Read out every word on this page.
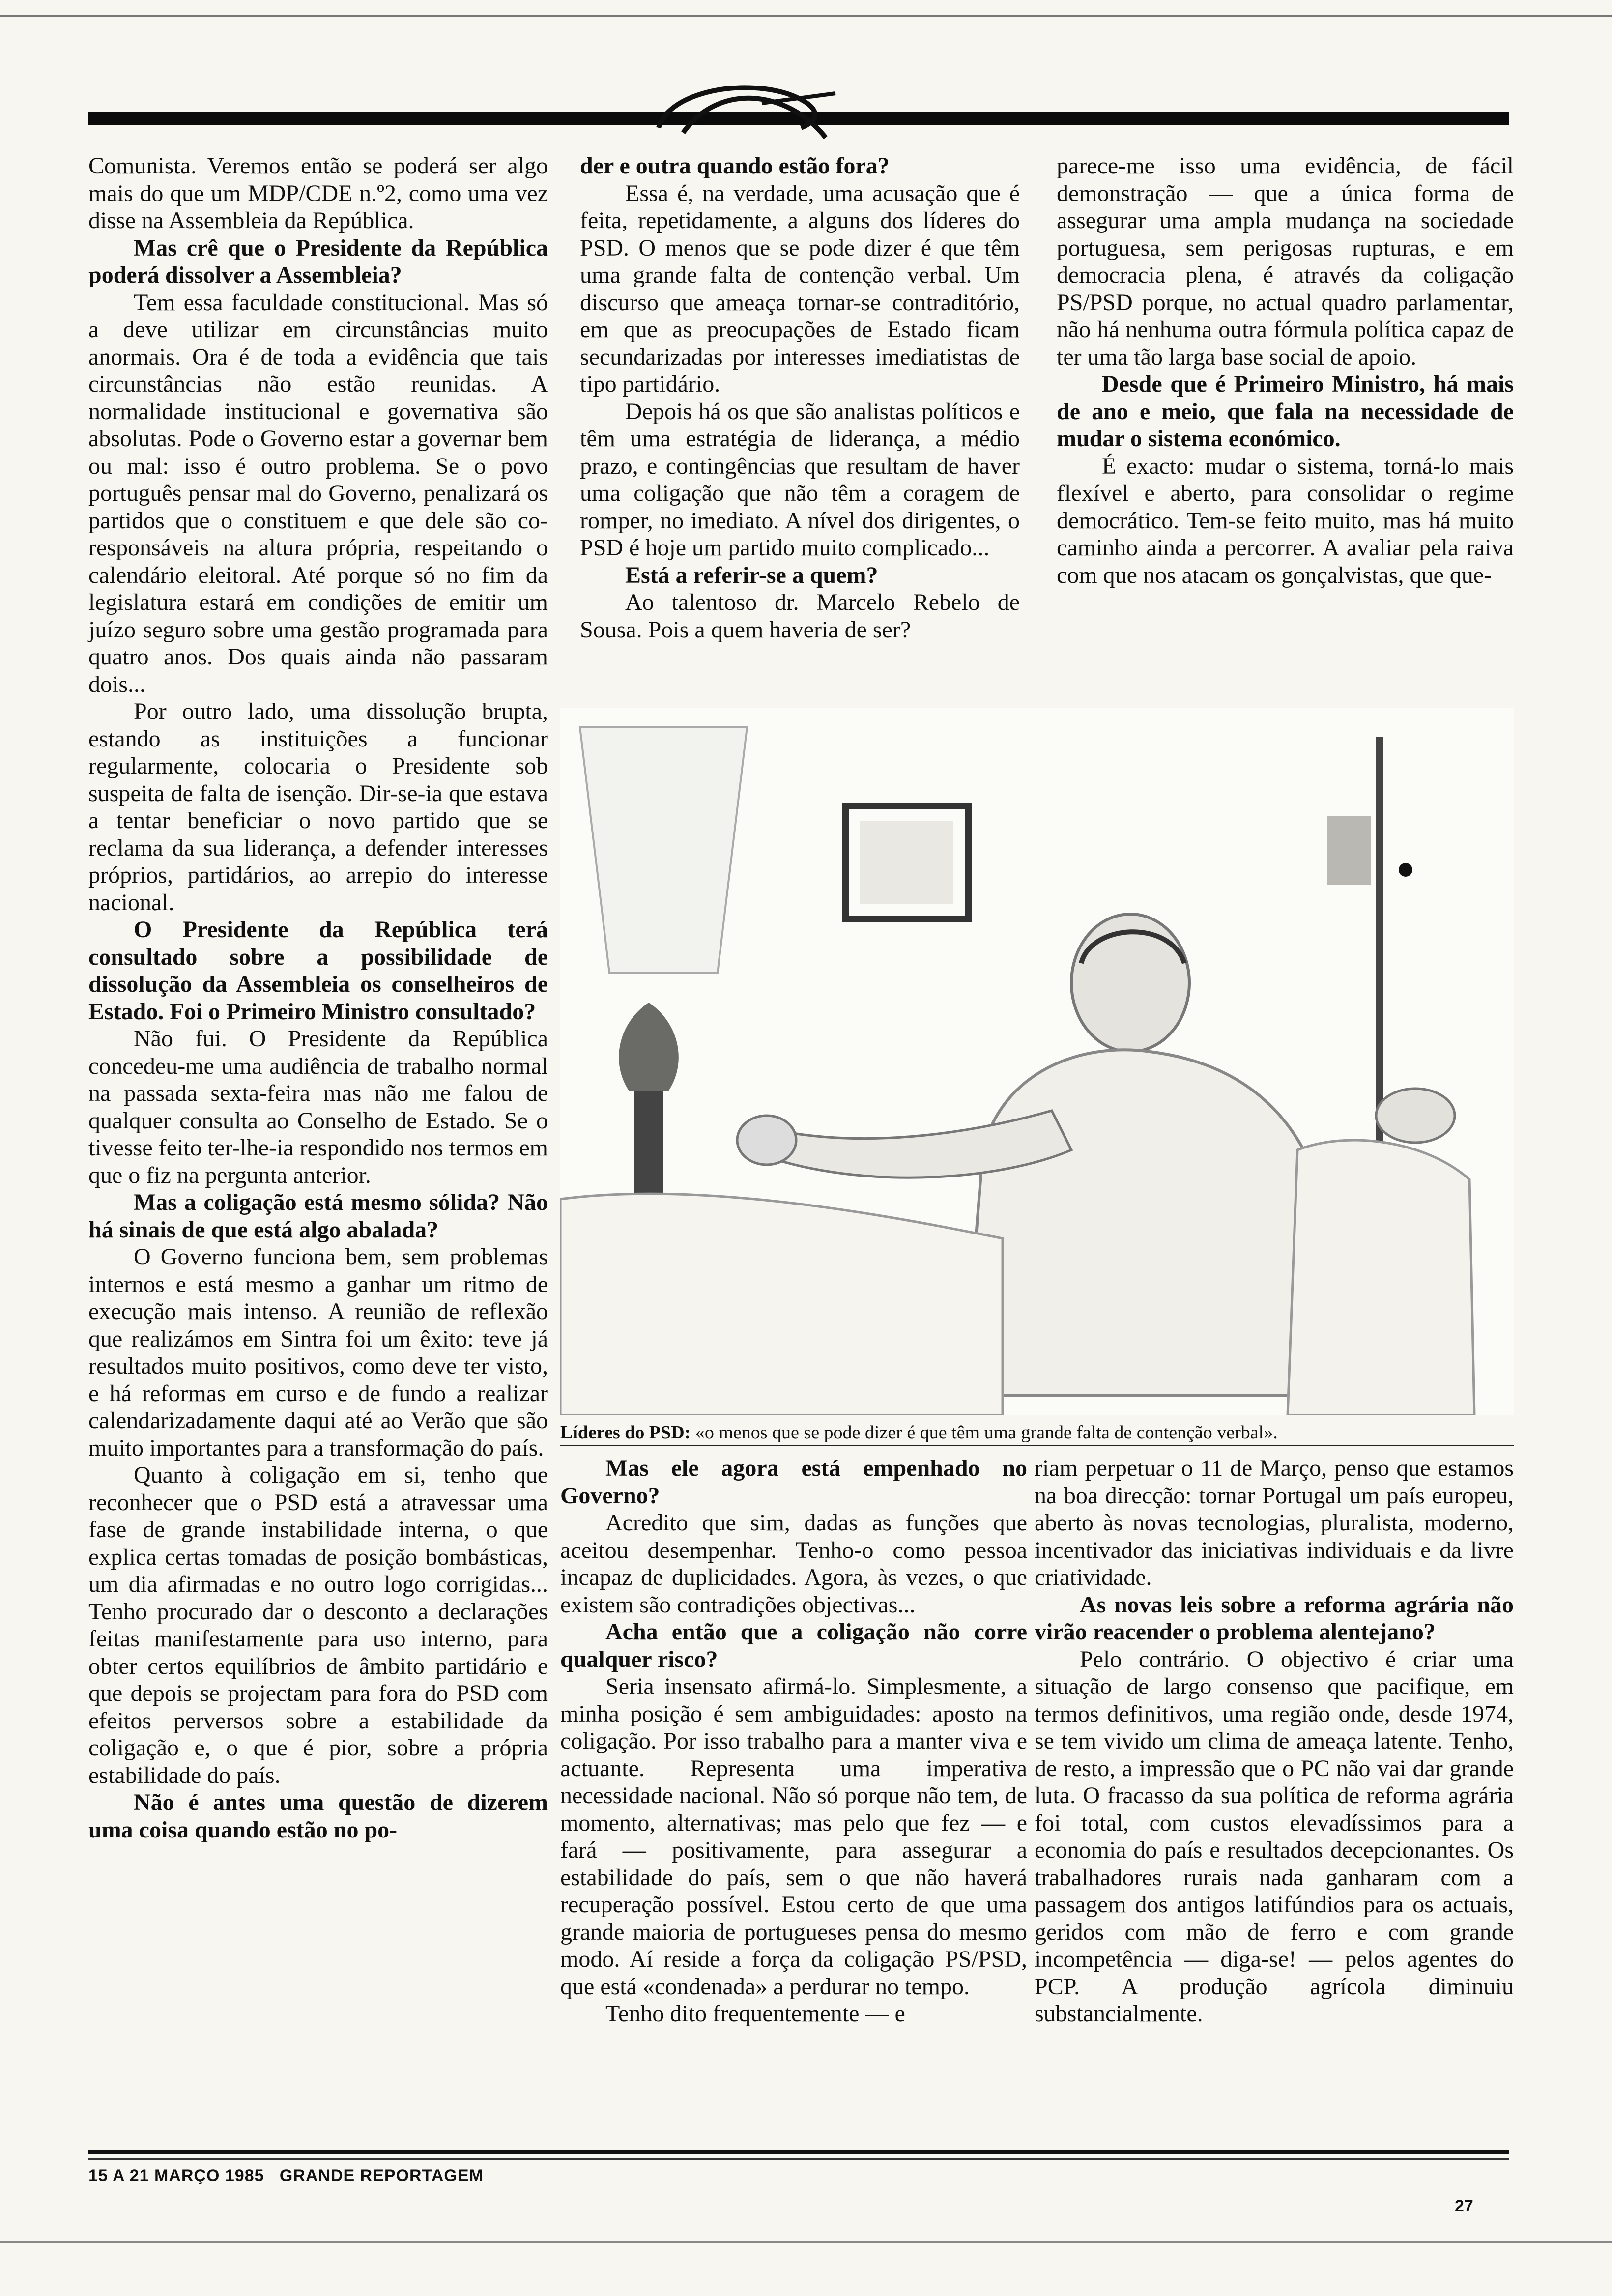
Comunista. Veremos então se poderá ser algo mais do que um MDP/CDE n.º2, como uma vez disse na Assembleia da República.

Mas crê que o Presidente da República poderá dissolver a Assembleia?

Tem essa faculdade constitucional. Mas só a deve utilizar em circunstâncias muito anormais. Ora é de toda a evidência que tais circunstâncias não estão reunidas. A normalidade institucional e governativa são absolutas. Pode o Governo estar a governar bem ou mal: isso é outro problema. Se o povo português pensar mal do Governo, penalizará os partidos que o constituem e que dele são co-responsáveis na altura própria, respeitando o calendário eleitoral. Até porque só no fim da legislatura estará em condições de emitir um juízo seguro sobre uma gestão programada para quatro anos. Dos quais ainda não passaram dois...

Por outro lado, uma dissolução brupta, estando as instituições a funcionar regularmente, colocaria o Presidente sob suspeita de falta de isenção. Dir-se-ia que estava a tentar beneficiar o novo partido que se reclama da sua liderança, a defender interesses próprios, partidários, ao arrepio do interesse nacional.

O Presidente da República terá consultado sobre a possibilidade de dissolução da Assembleia os conselheiros de Estado. Foi o Primeiro Ministro consultado?

Não fui. O Presidente da República concedeu-me uma audiência de trabalho normal na passada sexta-feira mas não me falou de qualquer consulta ao Conselho de Estado. Se o tivesse feito ter-lhe-ia respondido nos termos em que o fiz na pergunta anterior.

Mas a coligação está mesmo sólida? Não há sinais de que está algo abalada?

O Governo funciona bem, sem problemas internos e está mesmo a ganhar um ritmo de execução mais intenso. A reunião de reflexão que realizámos em Sintra foi um êxito: teve já resultados muito positivos, como deve ter visto, e há reformas em curso e de fundo a realizar calendarizadamente daqui até ao Verão que são muito importantes para a transformação do país.

Quanto à coligação em si, tenho que reconhecer que o PSD está a atravessar uma fase de grande instabilidade interna, o que explica certas tomadas de posição bombásticas, um dia afirmadas e no outro logo corrigidas... Tenho procurado dar o desconto a declarações feitas manifestamente para uso interno, para obter certos equilíbrios de âmbito partidário e que depois se projectam para fora do PSD com efeitos perversos sobre a estabilidade da coligação e, o que é pior, sobre a própria estabilidade do país.

Não é antes uma questão de dizerem uma coisa quando estão no po-

der e outra quando estão fora?

Essa é, na verdade, uma acusação que é feita, repetidamente, a alguns dos líderes do PSD. O menos que se pode dizer é que têm uma grande falta de contenção verbal. Um discurso que ameaça tornar-se contraditório, em que as preocupações de Estado ficam secundarizadas por interesses imediatistas de tipo partidário.

Depois há os que são analistas políticos e têm uma estratégia de liderança, a médio prazo, e contingências que resultam de haver uma coligação que não têm a coragem de romper, no imediato. A nível dos dirigentes, o PSD é hoje um partido muito complicado...

Está a referir-se a quem?

Ao talentoso dr. Marcelo Rebelo de Sousa. Pois a quem haveria de ser?

parece-me isso uma evidência, de fácil demonstração — que a única forma de assegurar uma ampla mudança na sociedade portuguesa, sem perigosas rupturas, e em democracia plena, é através da coligação PS/PSD porque, no actual quadro parlamentar, não há nenhuma outra fórmula política capaz de ter uma tão larga base social de apoio.

Desde que é Primeiro Ministro, há mais de ano e meio, que fala na necessidade de mudar o sistema económico.

É exacto: mudar o sistema, torná-lo mais flexível e aberto, para consolidar o regime democrático. Tem-se feito muito, mas há muito caminho ainda a percorrer. A avaliar pela raiva com que nos atacam os gonçalvistas, que que-

Líderes do PSD: «o menos que se pode dizer é que têm uma grande falta de contenção verbal».

Mas ele agora está empenhado no Governo?

Acredito que sim, dadas as funções que aceitou desempenhar. Tenho-o como pessoa incapaz de duplicidades. Agora, às vezes, o que existem são contradições objectivas...

Acha então que a coligação não corre qualquer risco?

Seria insensato afirmá-lo. Simplesmente, a minha posição é sem ambiguidades: aposto na coligação. Por isso trabalho para a manter viva e actuante. Representa uma imperativa necessidade nacional. Não só porque não tem, de momento, alternativas; mas pelo que fez — e fará — positivamente, para assegurar a estabilidade do país, sem o que não haverá recuperação possível. Estou certo de que uma grande maioria de portugueses pensa do mesmo modo. Aí reside a força da coligação PS/PSD, que está «condenada» a perdurar no tempo.

Tenho dito frequentemente — e

riam perpetuar o 11 de Março, penso que estamos na boa direcção: tornar Portugal um país europeu, aberto às novas tecnologias, pluralista, moderno, incentivador das iniciativas individuais e da livre criatividade.

As novas leis sobre a reforma agrária não virão reacender o problema alentejano?

Pelo contrário. O objectivo é criar uma situação de largo consenso que pacifique, em termos definitivos, uma região onde, desde 1974, se tem vivido um clima de ameaça latente. Tenho, de resto, a impressão que o PC não vai dar grande luta. O fracasso da sua política de reforma agrária foi total, com custos elevadíssimos para a economia do país e resultados decepcionantes. Os trabalhadores rurais nada ganharam com a passagem dos antigos latifúndios para os actuais, geridos com mão de ferro e com grande incompetência — diga-se! — pelos agentes do PCP. A produção agrícola diminuiu substancialmente.

15 A 21 MARÇO 1985 GRANDE REPORTAGEM
27
